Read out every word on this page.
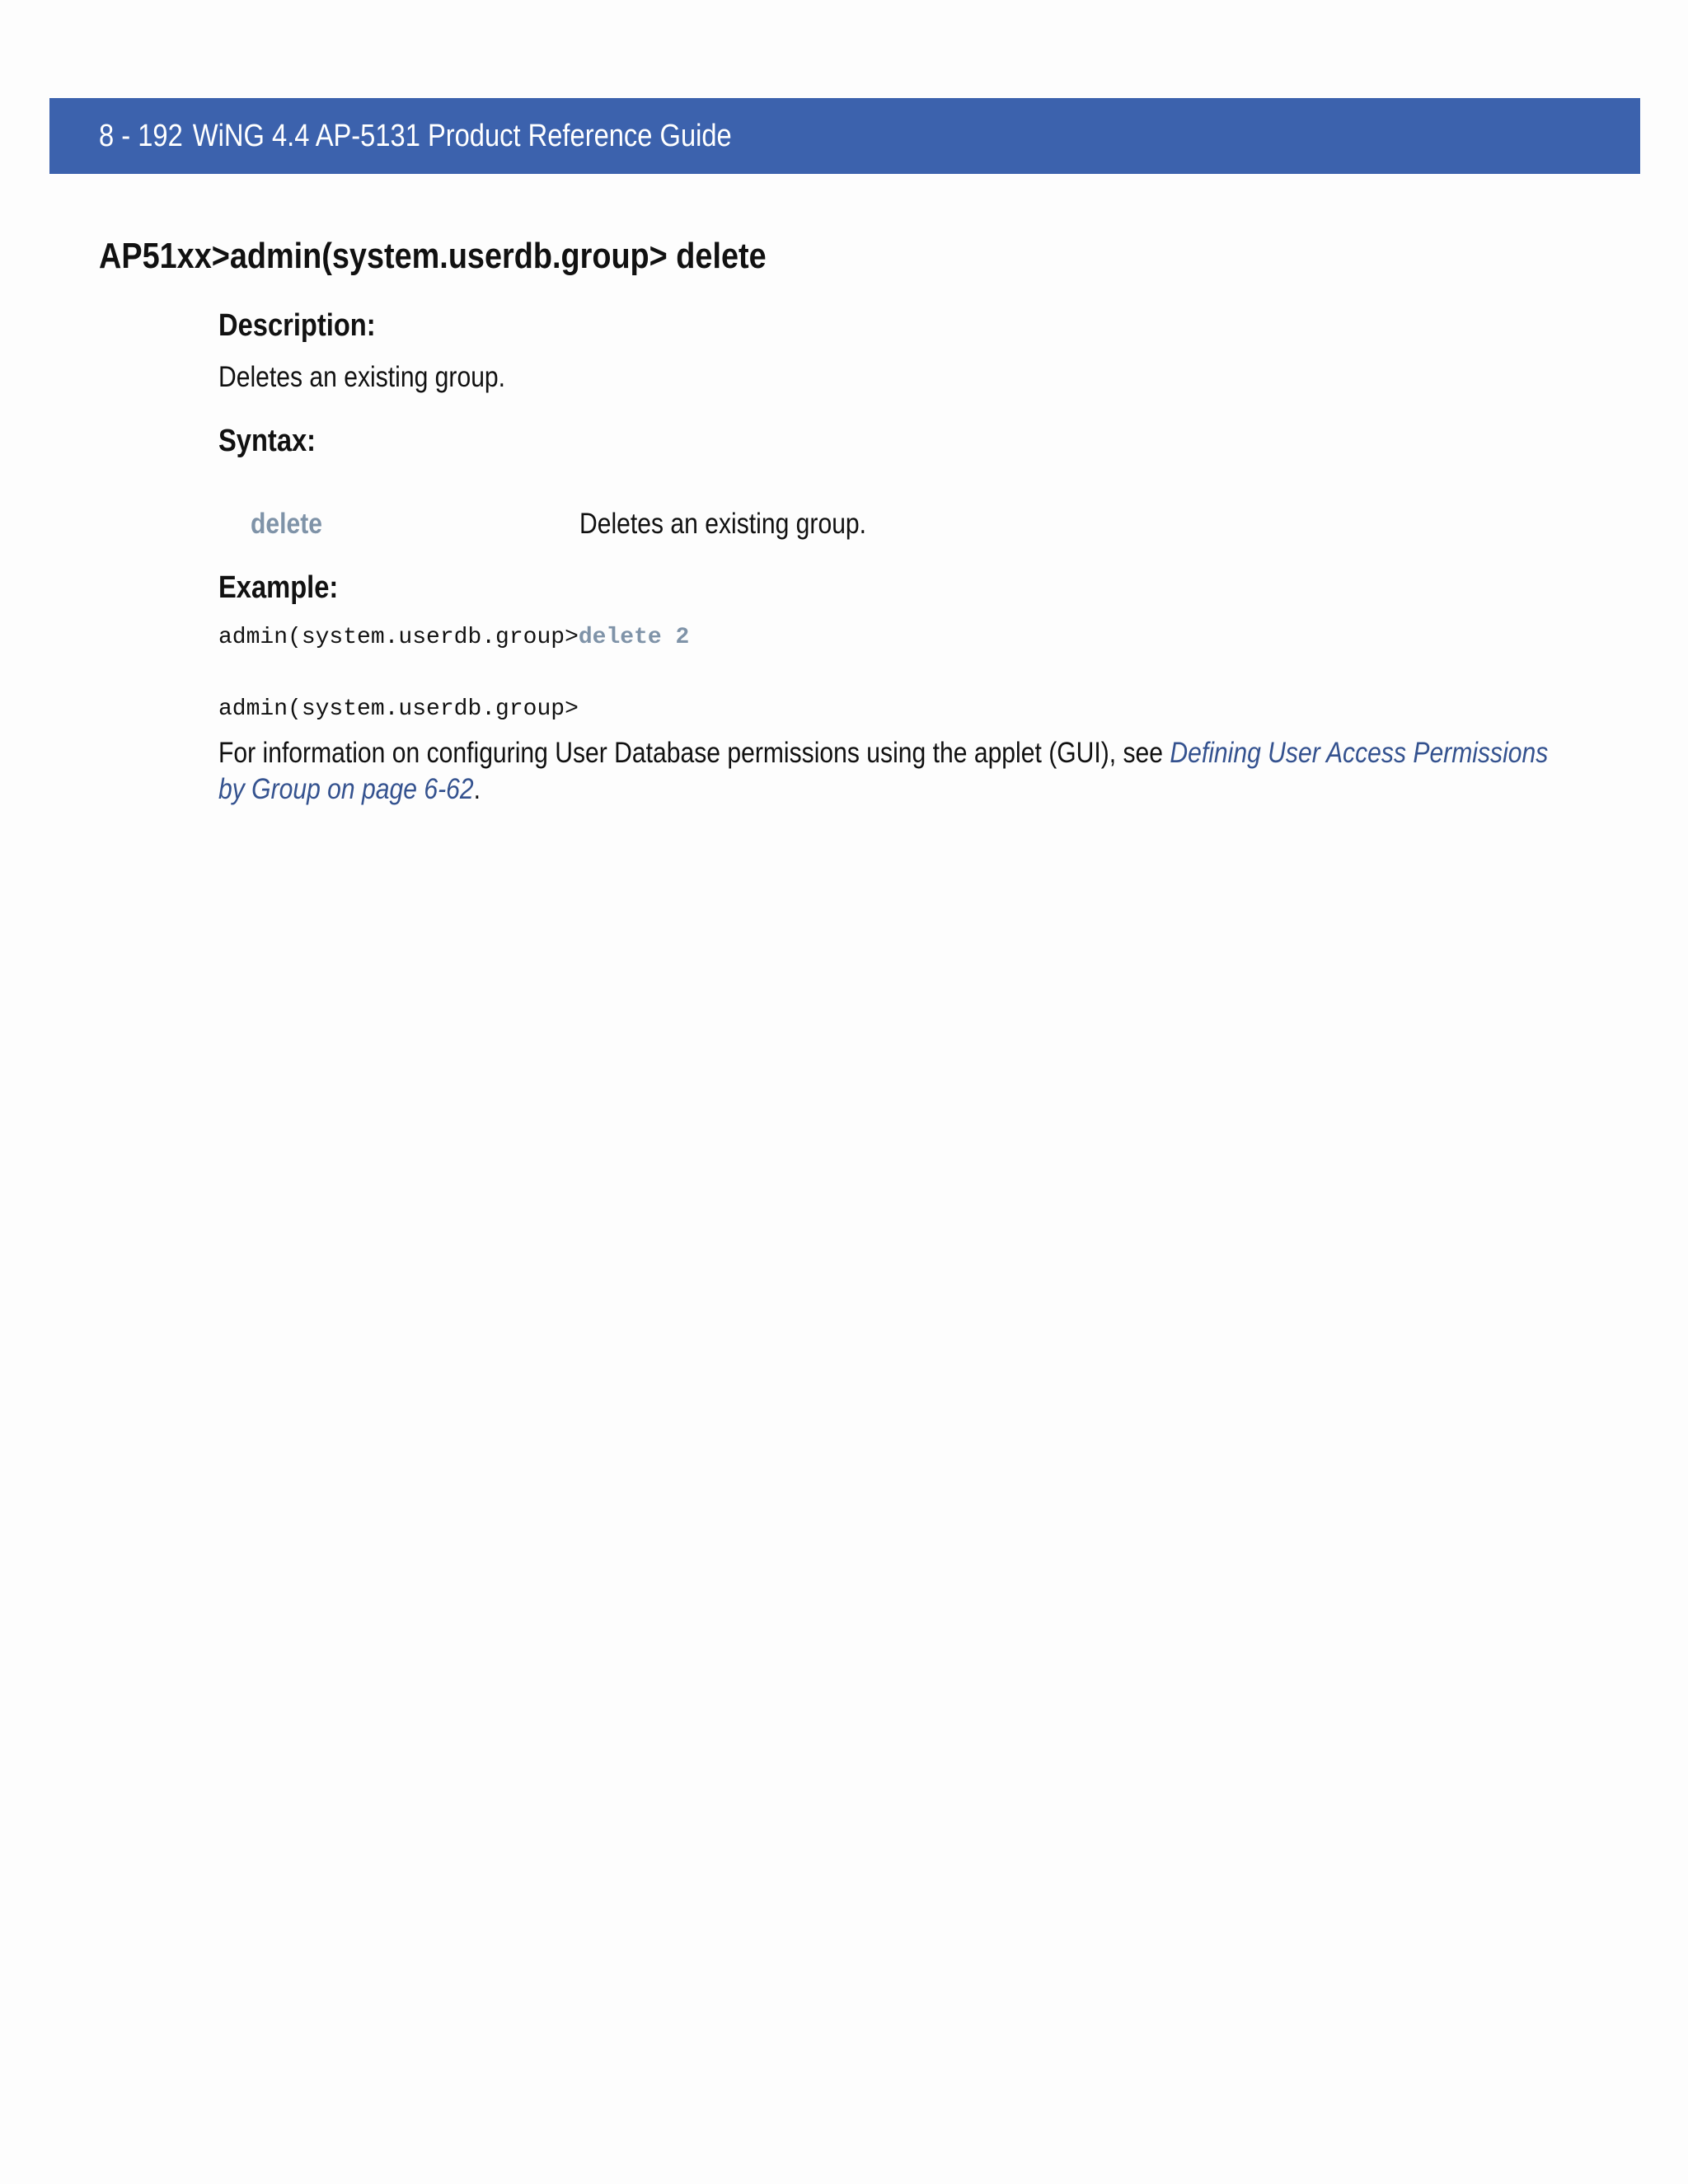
8 - 192 WiNG 4.4 AP-5131 Product Reference Guide
AP51xx>admin(system.userdb.group> delete
Description:

Deletes an existing group.

Syntax:
delete	Deletes an existing group.
Example:
admin(system.userdb.group>delete 2
admin(system.userdb.group>
For information on configuring User Database permissions using the applet (GUI), see Defining User Access Permissions
by Group on page 6-62.
